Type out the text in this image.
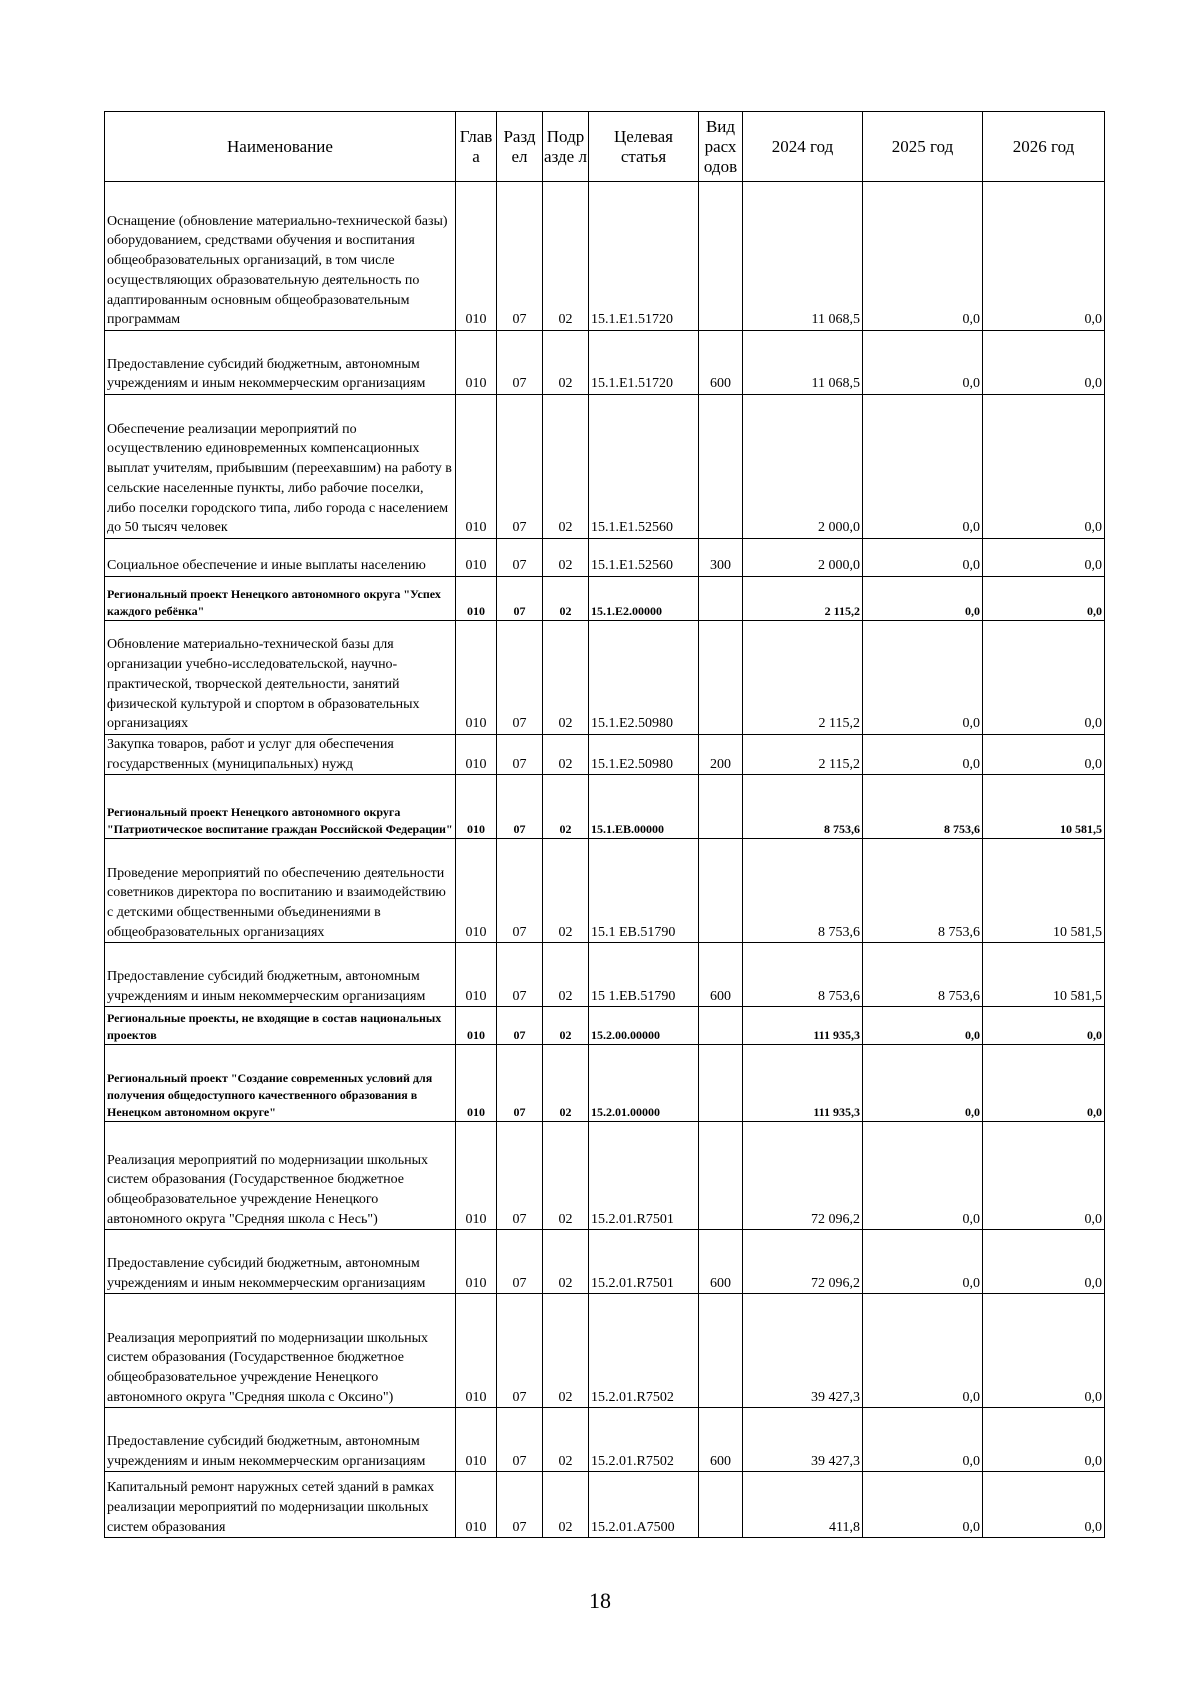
Наименование	Глав а	Разд ел	Подр азде л	Целевая статья	Вид расх одов	2024 год	2025 год	2026 год
Оснащение (обновление материально-технической базы) оборудованием, средствами обучения и воспитания общеобразовательных организаций, в том числе осуществляющих образовательную деятельность по адаптированным основным общеобразовательным программам	010	07	02	15.1.E1.51720		11 068,5	0,0	0,0
Предоставление субсидий бюджетным, автономным учреждениям и иным некоммерческим организациям	010	07	02	15.1.E1.51720	600	11 068,5	0,0	0,0
Обеспечение реализации мероприятий по осуществлению единовременных компенсационных выплат учителям, прибывшим (переехавшим) на работу в сельские населенные пункты, либо рабочие поселки, либо поселки городского типа, либо города с населением до 50 тысяч человек	010	07	02	15.1.E1.52560		2 000,0	0,0	0,0
Социальное обеспечение и иные выплаты населению	010	07	02	15.1.E1.52560	300	2 000,0	0,0	0,0
Региональный проект Ненецкого автономного округа "Успех каждого ребёнка"	010	07	02	15.1.E2.00000		2 115,2	0,0	0,0
Обновление материально-технической базы для организации учебно-исследовательской, научно-практической, творческой деятельности, занятий физической культурой и спортом в образовательных организациях	010	07	02	15.1.E2.50980		2 115,2	0,0	0,0
Закупка товаров, работ и услуг для обеспечения государственных (муниципальных) нужд	010	07	02	15.1.E2.50980	200	2 115,2	0,0	0,0
Региональный проект Ненецкого автономного округа "Патриотическое воспитание граждан Российской Федерации"	010	07	02	15.1.EB.00000		8 753,6	8 753,6	10 581,5
Проведение мероприятий по обеспечению деятельности советников директора по воспитанию и взаимодействию с детскими общественными объединениями в общеобразовательных организациях	010	07	02	15.1 EB.51790		8 753,6	8 753,6	10 581,5
Предоставление субсидий бюджетным, автономным учреждениям и иным некоммерческим организациям	010	07	02	15 1.EB.51790	600	8 753,6	8 753,6	10 581,5
Региональные проекты, не входящие в состав национальных проектов	010	07	02	15.2.00.00000		111 935,3	0,0	0,0
Региональный проект "Создание современных условий для получения общедоступного качественного образования в Ненецком автономном округе"	010	07	02	15.2.01.00000		111 935,3	0,0	0,0
Реализация мероприятий по модернизации школьных систем образования (Государственное бюджетное общеобразовательное учреждение Ненецкого автономного округа "Средняя школа с Несь")	010	07	02	15.2.01.R7501		72 096,2	0,0	0,0
Предоставление субсидий бюджетным, автономным учреждениям и иным некоммерческим организациям	010	07	02	15.2.01.R7501	600	72 096,2	0,0	0,0
Реализация мероприятий по модернизации школьных систем образования (Государственное бюджетное общеобразовательное учреждение Ненецкого автономного округа "Средняя школа с Оксино")	010	07	02	15.2.01.R7502		39 427,3	0,0	0,0
Предоставление субсидий бюджетным, автономным учреждениям и иным некоммерческим организациям	010	07	02	15.2.01.R7502	600	39 427,3	0,0	0,0
Капитальный ремонт наружных сетей зданий в рамках реализации мероприятий по модернизации школьных систем образования	010	07	02	15.2.01.A7500		411,8	0,0	0,0
18
